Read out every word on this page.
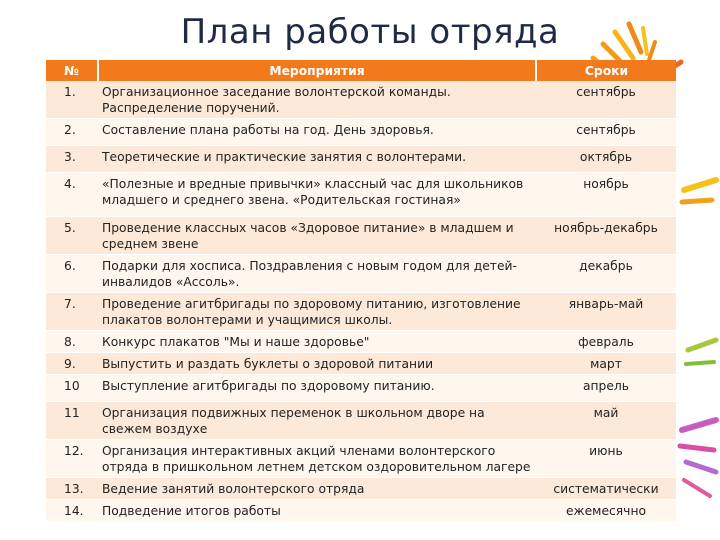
План работы отряда
№	Мероприятия	Сроки
1.	Организационное заседание волонтерской команды. Распределение поручений.	сентябрь
2.	Составление плана работы на год. День здоровья.	сентябрь
3.	Теоретические и практические занятия с волонтерами.	октябрь
4.	«Полезные и вредные привычки» классный час для школьников младшего и среднего звена. «Родительская гостиная»	ноябрь
5.	Проведение классных часов «Здоровое питание» в младшем и среднем звене	ноябрь-декабрь
6.	Подарки для хосписа. Поздравления с новым годом для детей-инвалидов «Ассоль».	декабрь
7.	Проведение агитбригады по здоровому питанию, изготовление плакатов волонтерами и учащимися школы.	январь-май
8.	Конкурс плакатов "Мы и наше здоровье"	февраль
9.	Выпустить и раздать буклеты о здоровой питании	март
10	Выступление агитбригады по здоровому питанию.	апрель
11	Организация подвижных переменок в школьном дворе на свежем воздухе	май
12.	Организация интерактивных акций членами волонтерского отряда в пришкольном летнем детском оздоровительном лагере	июнь
13.	Ведение занятий волонтерского отряда	систематически
14.	Подведение итогов работы	ежемесячно
